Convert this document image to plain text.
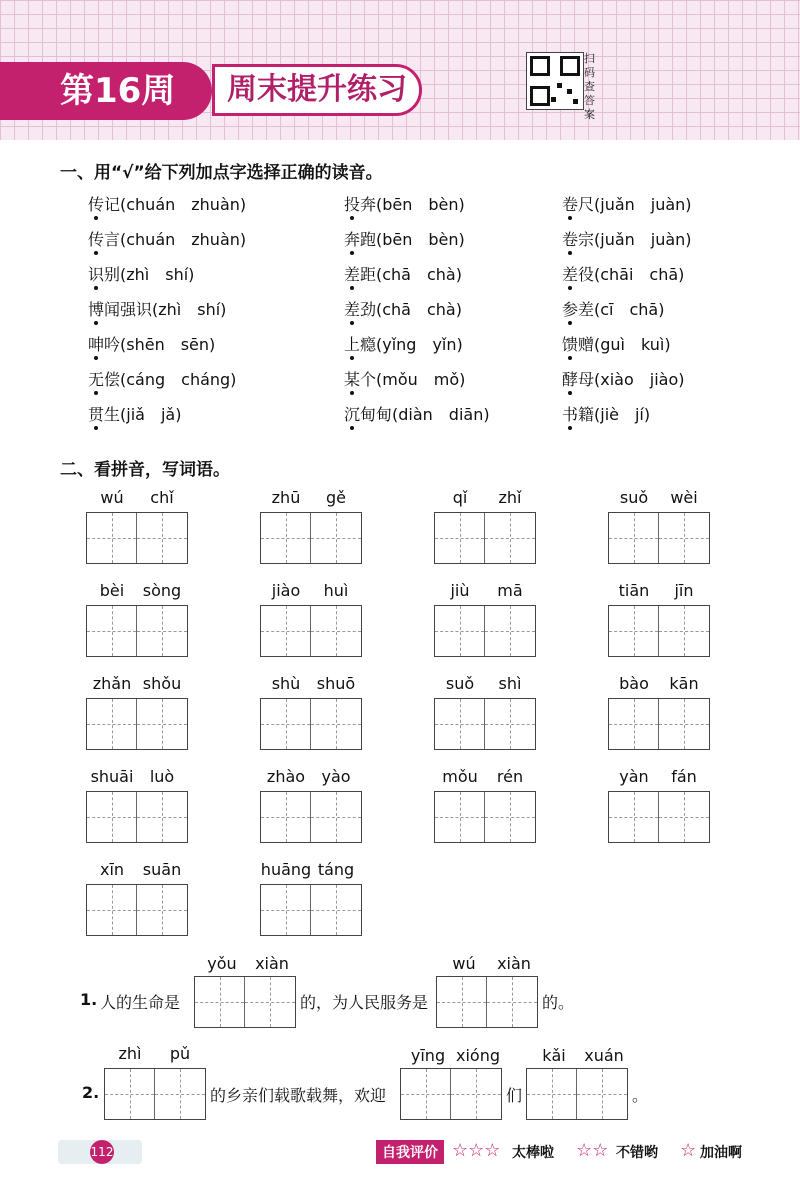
第16周	周末提升练习
扫码查答案
一、用“√”给下列加点字选择正确的读音。
传记(chuán　zhuàn)	投奔(bēn　bèn)	卷尺(juǎn　juàn)
传言(chuán　zhuàn)	奔跑(bēn　bèn)	卷宗(juǎn　juàn)
识别(zhì　shí)	差距(chā　chà)	差役(chāi　chā)
博闻强识(zhì　shí)	差劲(chā　chà)	参差(cī　chā)
呻吟(shēn　sēn)	上瘾(yǐng　yǐn)	馈赠(guì　kuì)
无偿(cáng　cháng)	某个(mǒu　mǒ)	酵母(xiào　jiào)
贯生(jiǎ　jǎ)	沉甸甸(diàn　diān)	书籍(jiè　jí)
二、看拼音，写词语。
wú	chǐ	zhū	gě	qǐ	zhǐ	suǒ	wèi
bèi	sòng	jiào	huì	jiù	mā	tiān	jīn
zhǎn shǒu	shù	shuō	suǒ	shì	bào	kān
shuāi	luò	zhào	yào	mǒu	rén	yàn	fán
xīn	suān	huāng táng
yǒu	xiàn
1. 人的生命是	的，为人民服务是
wú	xiàn
的。
zhì	pǔ
2.	的乡亲们载歌载舞，欢迎
yīng xióng
们
kǎi	xuán
。
112	自我评价 ☆☆☆ 太棒啦 ☆☆ 不错哟 ☆ 加油啊
